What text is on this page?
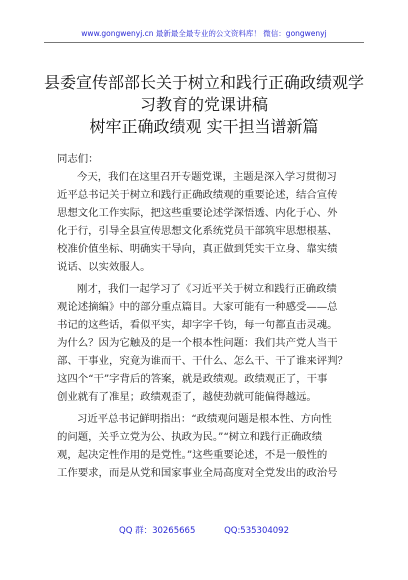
www.gongwenyj.cn 最新最全最专业的公文资料库！ 微信：gongwenyj
县委宣传部部长关于树立和践行正确政绩观学
习教育的党课讲稿
树牢正确政绩观 实干担当谱新篇
同志们：
今天，我们在这里召开专题党课，主题是深入学习贯彻习
近平总书记关于树立和践行正确政绩观的重要论述，结合宣传
思想文化工作实际，把这些重要论述学深悟透、内化于心、外
化于行，引导全县宣传思想文化系统党员干部筑牢思想根基、
校准价值坐标、明确实干导向，真正做到凭实干立身、靠实绩
说话、以实效服人。
刚才，我们一起学习了《习近平关于树立和践行正确政绩
观论述摘编》中的部分重点篇目。大家可能有一种感受——总
书记的这些话，看似平实，却字字千钧，每一句都直击灵魂。
为什么？因为它触及的是一个根本性问题：我们共产党人当干
部、干事业，究竟为谁而干、干什么、怎么干、干了谁来评判？
这四个“干”字背后的答案，就是政绩观。政绩观正了，干事
创业就有了准星；政绩观歪了，越使劲就可能偏得越远。
习近平总书记鲜明指出：“政绩观问题是根本性、方向性
的问题，关乎立党为公、执政为民。”“树立和践行正确政绩
观，起决定性作用的是党性。”这些重要论述，不是一般性的
工作要求，而是从党和国家事业全局高度对全党发出的政治号
QQ 群：30265665	QQ:535304092
